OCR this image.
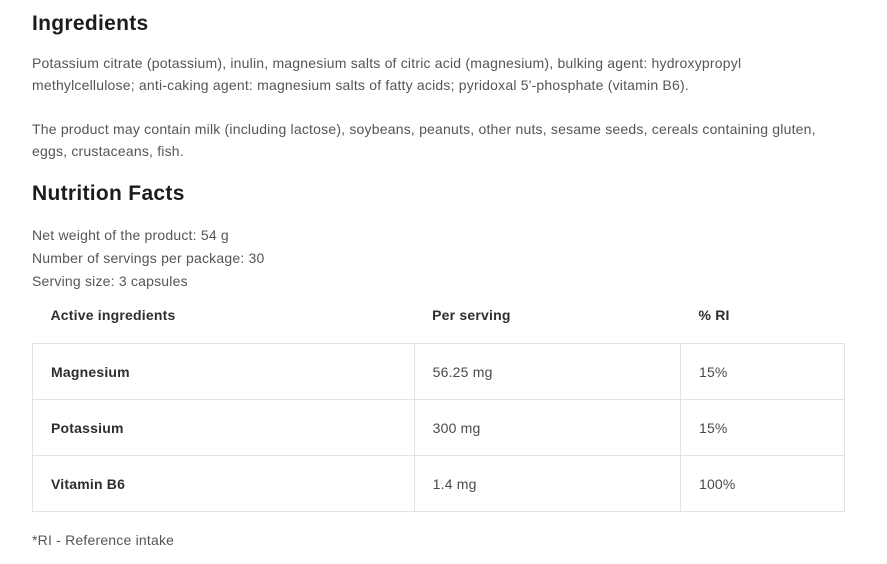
Ingredients

Potassium citrate (potassium), inulin, magnesium salts of citric acid (magnesium), bulking agent: hydroxypropyl methylcellulose; anti-caking agent: magnesium salts of fatty acids; pyridoxal 5'-phosphate (vitamin B6).

The product may contain milk (including lactose), soybeans, peanuts, other nuts, sesame seeds, cereals containing gluten, eggs, crustaceans, fish.

Nutrition Facts

Net weight of the product: 54 g

Number of servings per package: 30

Serving size: 3 capsules

Active ingredients	Per serving	% RI
Magnesium	56.25 mg	15%
Potassium	300 mg	15%
Vitamin B6	1.4 mg	100%

*RI - Reference intake
